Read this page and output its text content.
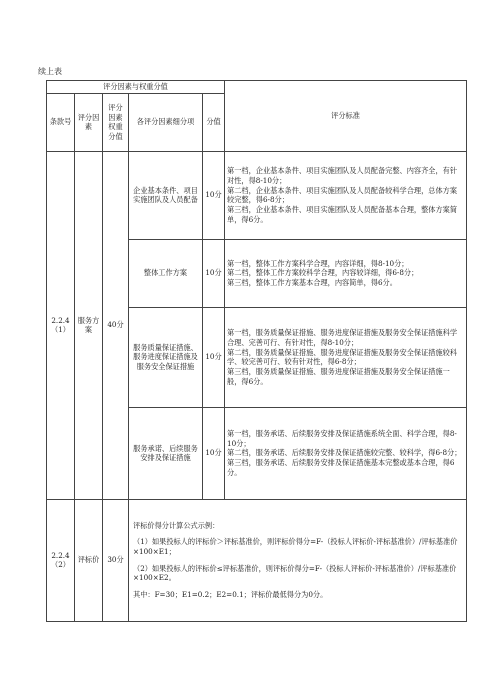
续上表
评分因素与权重分值					评分标准
条款号	评分因素	评分因素权重分值	各评分因素细分项	分值	
2.2.4（1）	服务方案	40分	企业基本条件、项目实施团队及人员配备	10分	第一档，企业基本条件、项目实施团队及人员配备完整、内容齐全，有针对性，得8-10分；

第二档，企业基本条件、项目实施团队及人员配备较科学合理，总体方案较完整，得6-8分；

第三档，企业基本条件、项目实施团队及人员配备基本合理，整体方案简单，得6分。

			整体工作方案	10分	第一档，整体工作方案科学合理，内容详细，得8-10分；

第二档，整体工作方案较科学合理，内容较详细，得6-8分；

第三档，整体工作方案基本合理，内容简单，得6分。

			服务质量保证措施、服务进度保证措施及服务安全保证措施	10分	第一档，服务质量保证措施、服务进度保证措施及服务安全保证措施科学合理、完善可行、有针对性，得8-10分；

第二档，服务质量保证措施、服务进度保证措施及服务安全保证措施较科学、较完善可行、较有针对性，得6-8分；

第三档，服务质量保证措施、服务进度保证措施及服务安全保证措施一般，得6分。

			服务承诺、后续服务安排及保证措施	10分	第一档，服务承诺、后续服务安排及保证措施系统全面、科学合理，得8-10分；

第二档，服务承诺、后续服务安排及保证措施较完整、较科学，得6-8分；

第三档，服务承诺、后续服务安排及保证措施基本完整或基本合理，得6分。

2.2.4（2）	评标价	30分	评标价得分计算公式示例：

（1）如果投标人的评标价＞评标基准价，则评标价得分=F-（投标人评标价-评标基准价）/评标基准价×100×E1；

（2）如果投标人的评标价≤评标基准价，则评标价得分=F-（投标人评标价-评标基准价）/评标基准价×100×E2。

其中：F=30；E1=0.2；E2=0.1；评标价最低得分为0分。		
